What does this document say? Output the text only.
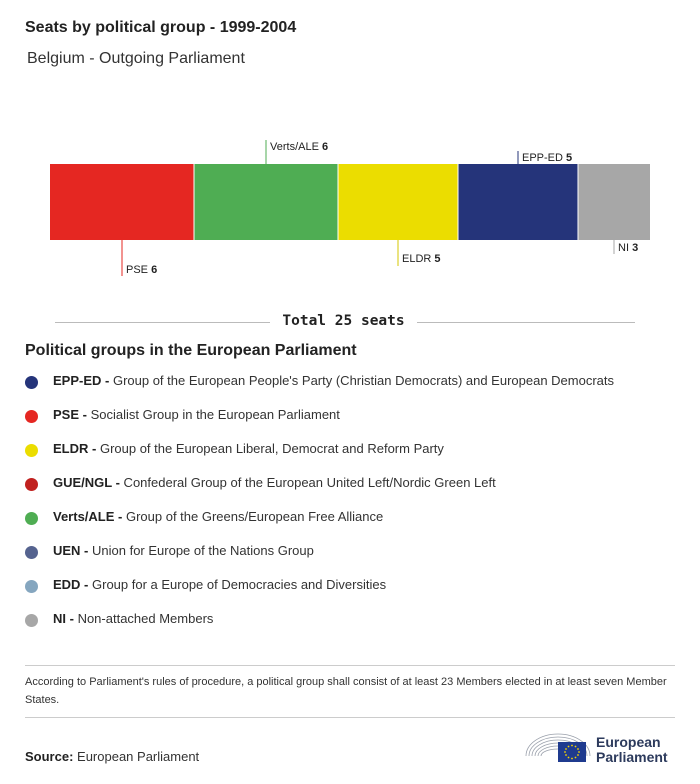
Seats by political group - 1999-2004
Belgium - Outgoing Parliament
PSE 6
Verts/ALE 6
ELDR 5
EPP-ED 5
NI 3
Total 25 seats
Political groups in the European Parliament
EPP-ED - Group of the European People's Party (Christian Democrats) and European Democrats
PSE - Socialist Group in the European Parliament
ELDR - Group of the European Liberal, Democrat and Reform Party
GUE/NGL - Confederal Group of the European United Left/Nordic Green Left
Verts/ALE - Group of the Greens/European Free Alliance
UEN - Union for Europe of the Nations Group
EDD - Group for a Europe of Democracies and Diversities
NI - Non-attached Members
According to Parliament's rules of procedure, a political group shall consist of at least 23 Members elected in at least seven Member States.
Source: European Parliament
European
Parliament
